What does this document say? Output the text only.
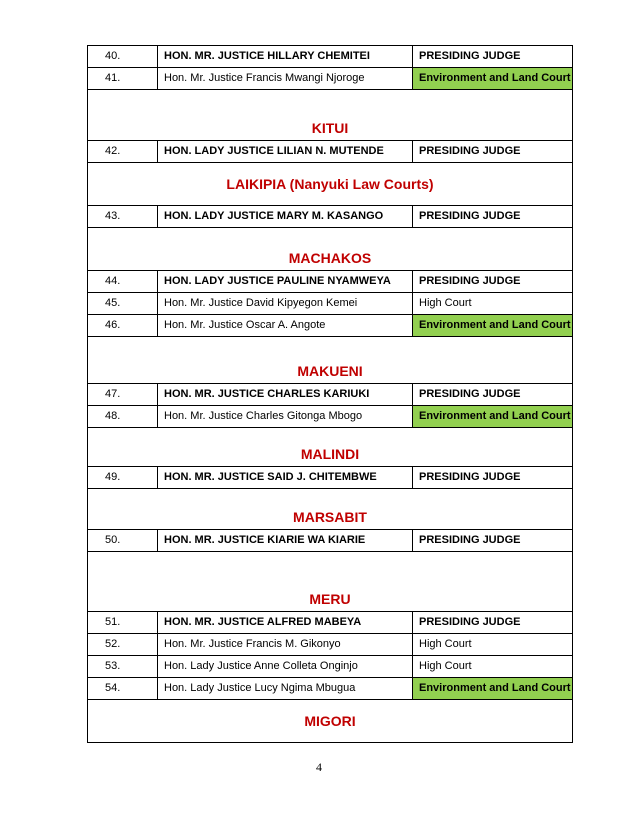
40.	HON. MR. JUSTICE HILLARY CHEMITEI	PRESIDING JUDGE
41.	Hon. Mr. Justice Francis Mwangi Njoroge	Environment and Land Court
KITUI		
42.	HON. LADY JUSTICE LILIAN N. MUTENDE	PRESIDING JUDGE
LAIKIPIA (Nanyuki Law Courts)		
43.	HON. LADY JUSTICE MARY M. KASANGO	PRESIDING JUDGE
MACHAKOS		
44.	HON. LADY JUSTICE PAULINE NYAMWEYA	PRESIDING JUDGE
45.	Hon. Mr. Justice David Kipyegon Kemei	High Court
46.	Hon. Mr. Justice Oscar A. Angote	Environment and Land Court
MAKUENI		
47.	HON. MR. JUSTICE CHARLES KARIUKI	PRESIDING JUDGE
48.	Hon. Mr. Justice Charles Gitonga Mbogo	Environment and Land Court
MALINDI		
49.	HON. MR. JUSTICE SAID J. CHITEMBWE	PRESIDING JUDGE
MARSABIT		
50.	HON. MR. JUSTICE KIARIE WA KIARIE	PRESIDING JUDGE
MERU		
51.	HON. MR. JUSTICE ALFRED MABEYA	PRESIDING JUDGE
52.	Hon. Mr. Justice Francis M. Gikonyo	High Court
53.	Hon. Lady Justice Anne Colleta Onginjo	High Court
54.	Hon. Lady Justice Lucy Ngima Mbugua	Environment and Land Court
MIGORI		
4
